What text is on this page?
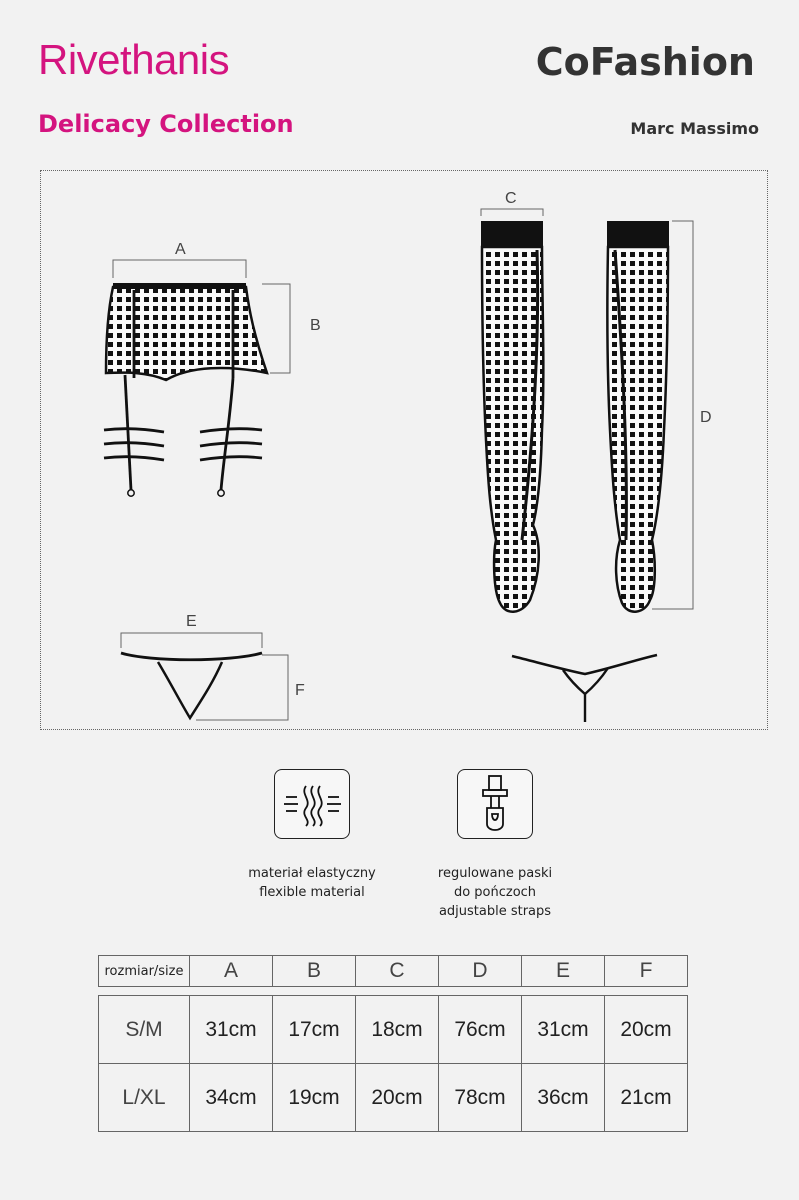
Rivethanis
Delicacy Collection
CoFashion
Marc Massimo
A
B
C
D
E
F
materiał elastyczny
flexible material
regulowane paski
do pończoch
adjustable straps
rozmiar/size	A	B	C	D	E	F

S/M	31cm	17cm	18cm	76cm	31cm	20cm
L/XL	34cm	19cm	20cm	78cm	36cm	21cm
